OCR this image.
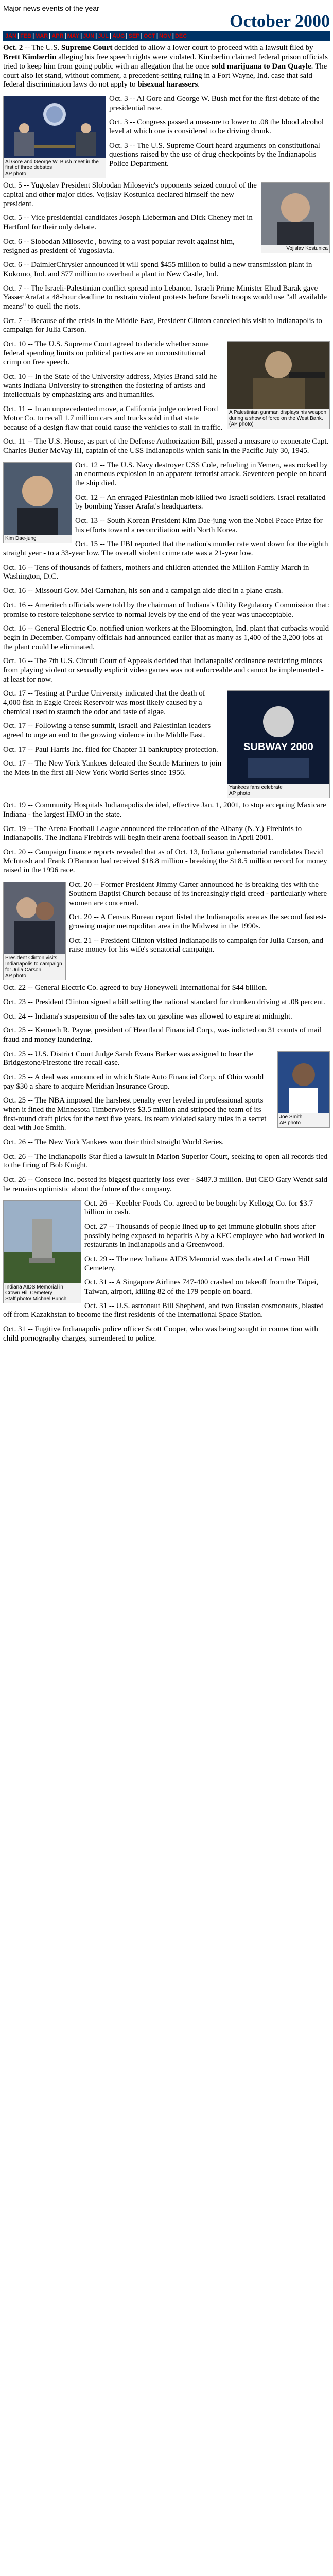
Major news events of the year
October 2000
JAN | FEB | MAR | APR | MAY | JUN | JUL | AUG | SEP | OCT | NOV | DEC

Oct. 2 -- The U.S. Supreme Court decided to allow a lower court to proceed with a lawsuit filed by Brett Kimberlin alleging his free speech rights were violated. Kimberlin claimed federal prison officials tried to keep him from going public with an allegation that he once sold marijuana to Dan Quayle. The court also let stand, without comment, a precedent-setting ruling in a Fort Wayne, Ind. case that said federal discrimination laws do not apply to bisexual harassers.

Al Gore and George W. Bush meet in the first of three debates
AP photo

Oct. 3 -- Al Gore and George W. Bush met for the first debate of the presidential race.

Oct. 3 -- Congress passed a measure to lower to .08 the blood alcohol level at which one is considered to be driving drunk.

Oct. 3 -- The U.S. Supreme Court heard arguments on constitutional questions raised by the use of drug checkpoints by the Indianapolis Police Department.

Vojislav Kostunica

Oct. 5 -- Yugoslav President Slobodan Milosevic's opponents seized control of the capital and other major cities. Vojislav Kostunica declared himself the new president.

Oct. 5 -- Vice presidential candidates Joseph Lieberman and Dick Cheney met in Hartford for their only debate.

Oct. 6 -- Slobodan Milosevic , bowing to a vast popular revolt against him, resigned as president of Yugoslavia.

Oct. 6 -- DaimlerChrysler announced it will spend $455 million to build a new transmission plant in Kokomo, Ind. and $77 million to overhaul a plant in New Castle, Ind.

Oct. 7 -- The Israeli-Palestinian conflict spread into Lebanon. Israeli Prime Minister Ehud Barak gave Yasser Arafat a 48-hour deadline to restrain violent protests before Israeli troops would use "all available means" to quell the riots.

Oct. 7 -- Because of the crisis in the Middle East, President Clinton canceled his visit to Indianapolis to campaign for Julia Carson.

A Palestinian gunman displays his weapon during a show of force on the West Bank. (AP photo)

Oct. 10 -- The U.S. Supreme Court agreed to decide whether some federal spending limits on political parties are an unconstitutional crimp on free speech.

Oct. 10 -- In the State of the University address, Myles Brand said he wants Indiana University to strengthen the fostering of artists and intellectuals by emphasizing arts and humanities.

Oct. 11 -- In an unprecedented move, a California judge ordered Ford Motor Co. to recall 1.7 million cars and trucks sold in that state because of a design flaw that could cause the vehicles to stall in traffic.

Oct. 11 -- The U.S. House, as part of the Defense Authorization Bill, passed a measure to exonerate Capt. Charles Butler McVay III, captain of the USS Indianapolis which sank in the Pacific July 30, 1945.

Kim Dae-jung

Oct. 12 -- The U.S. Navy destroyer USS Cole, refueling in Yemen, was rocked by an enormous explosion in an apparent terrorist attack. Seventeen people on board the ship died.

Oct. 12 -- An enraged Palestinian mob killed two Israeli soldiers. Israel retaliated by bombing Yasser Arafat's headquarters.

Oct. 13 -- South Korean President Kim Dae-jung won the Nobel Peace Prize for his efforts toward a reconciliation with North Korea.

Oct. 15 -- The FBI reported that the nation's murder rate went down for the eighth straight year - to a 33-year low. The overall violent crime rate was a 21-year low.

Oct. 16 -- Tens of thousands of fathers, mothers and children attended the Million Family March in Washington, D.C.

Oct. 16 -- Missouri Gov. Mel Carnahan, his son and a campaign aide died in a plane crash.

Oct. 16 -- Ameritech officials were told by the chairman of Indiana's Utility Regulatory Commission that: promise to restore telephone service to normal levels by the end of the year was unacceptable.

Oct. 16 -- General Electric Co. notified union workers at the Bloomington, Ind. plant that cutbacks would begin in December. Company officials had announced earlier that as many as 1,400 of the 3,200 jobs at the plant could be eliminated.

Oct. 16 -- The 7th U.S. Circuit Court of Appeals decided that Indianapolis' ordinance restricting minors from playing violent or sexually explicit video games was not enforceable and cannot be implemented - at least for now.

SUBWAY 2000
Yankees fans celebrate
AP photo

Oct. 17 -- Testing at Purdue University indicated that the death of 4,000 fish in Eagle Creek Reservoir was most likely caused by a chemical used to staunch the odor and taste of algae.

Oct. 17 -- Following a tense summit, Israeli and Palestinian leaders agreed to urge an end to the growing violence in the Middle East.

Oct. 17 -- Paul Harris Inc. filed for Chapter 11 bankruptcy protection.

Oct. 17 -- The New York Yankees defeated the Seattle Mariners to join the Mets in the first all-New York World Series since 1956.

Oct. 19 -- Community Hospitals Indianapolis decided, effective Jan. 1, 2001, to stop accepting Maxicare Indiana - the largest HMO in the state.

Oct. 19 -- The Arena Football League announced the relocation of the Albany (N.Y.) Firebirds to Indianapolis. The Indiana Firebirds will begin their arena football season in April 2001.

Oct. 20 -- Campaign finance reports revealed that as of Oct. 13, Indiana gubernatorial candidates David McIntosh and Frank O'Bannon had received $18.8 million - breaking the $18.5 million record for money raised in the 1996 race.

President Clinton visits Indianapolis to campaign for Julia Carson.
AP photo

Oct. 20 -- Former President Jimmy Carter announced he is breaking ties with the Southern Baptist Church because of its increasingly rigid creed - particularly where women are concerned.

Oct. 20 -- A Census Bureau report listed the Indianapolis area as the second fastest-growing major metropolitan area in the Midwest in the 1990s.

Oct. 21 -- President Clinton visited Indianapolis to campaign for Julia Carson, and raise money for his wife's senatorial campaign.

Oct. 22 -- General Electric Co. agreed to buy Honeywell International for $44 billion.

Oct. 23 -- President Clinton signed a bill setting the national standard for drunken driving at .08 percent.

Oct. 24 -- Indiana's suspension of the sales tax on gasoline was allowed to expire at midnight.

Oct. 25 -- Kenneth R. Payne, president of Heartland Financial Corp., was indicted on 31 counts of mail fraud and money laundering.

Joe Smith
AP photo

Oct. 25 -- U.S. District Court Judge Sarah Evans Barker was assigned to hear the Bridgestone/Firestone tire recall case.

Oct. 25 -- A deal was announced in which State Auto Financial Corp. of Ohio would pay $30 a share to acquire Meridian Insurance Group.

Oct. 25 -- The NBA imposed the harshest penalty ever leveled in professional sports when it fined the Minnesota Timberwolves $3.5 million and stripped the team of its first-round draft picks for the next five years. Its team violated salary rules in a secret deal with Joe Smith.

Oct. 26 -- The New York Yankees won their third straight World Series.

Oct. 26 -- The Indianapolis Star filed a lawsuit in Marion Superior Court, seeking to open all records tied to the firing of Bob Knight.

Oct. 26 -- Conseco Inc. posted its biggest quarterly loss ever - $487.3 million. But CEO Gary Wendt said he remains optimistic about the future of the company.

Indiana AIDS Memorial in Crown Hill Cemetery
Staff photo/ Michael Bunch

Oct. 26 -- Keebler Foods Co. agreed to be bought by Kellogg Co. for $3.7 billion in cash.

Oct. 27 -- Thousands of people lined up to get immune globulin shots after possibly being exposed to hepatitis A by a KFC employee who had worked in restaurants in Indianapolis and a Greenwood.

Oct. 29 -- The new Indiana AIDS Memorial was dedicated at Crown Hill Cemetery.

Oct. 31 -- A Singapore Airlines 747-400 crashed on takeoff from the Taipei, Taiwan, airport, killing 82 of the 179 people on board.

Oct. 31 -- U.S. astronaut Bill Shepherd, and two Russian cosmonauts, blasted off from Kazakhstan to become the first residents of the International Space Station.

Oct. 31 -- Fugitive Indianapolis police officer Scott Cooper, who was being sought in connection with child pornography charges, surrendered to police.
